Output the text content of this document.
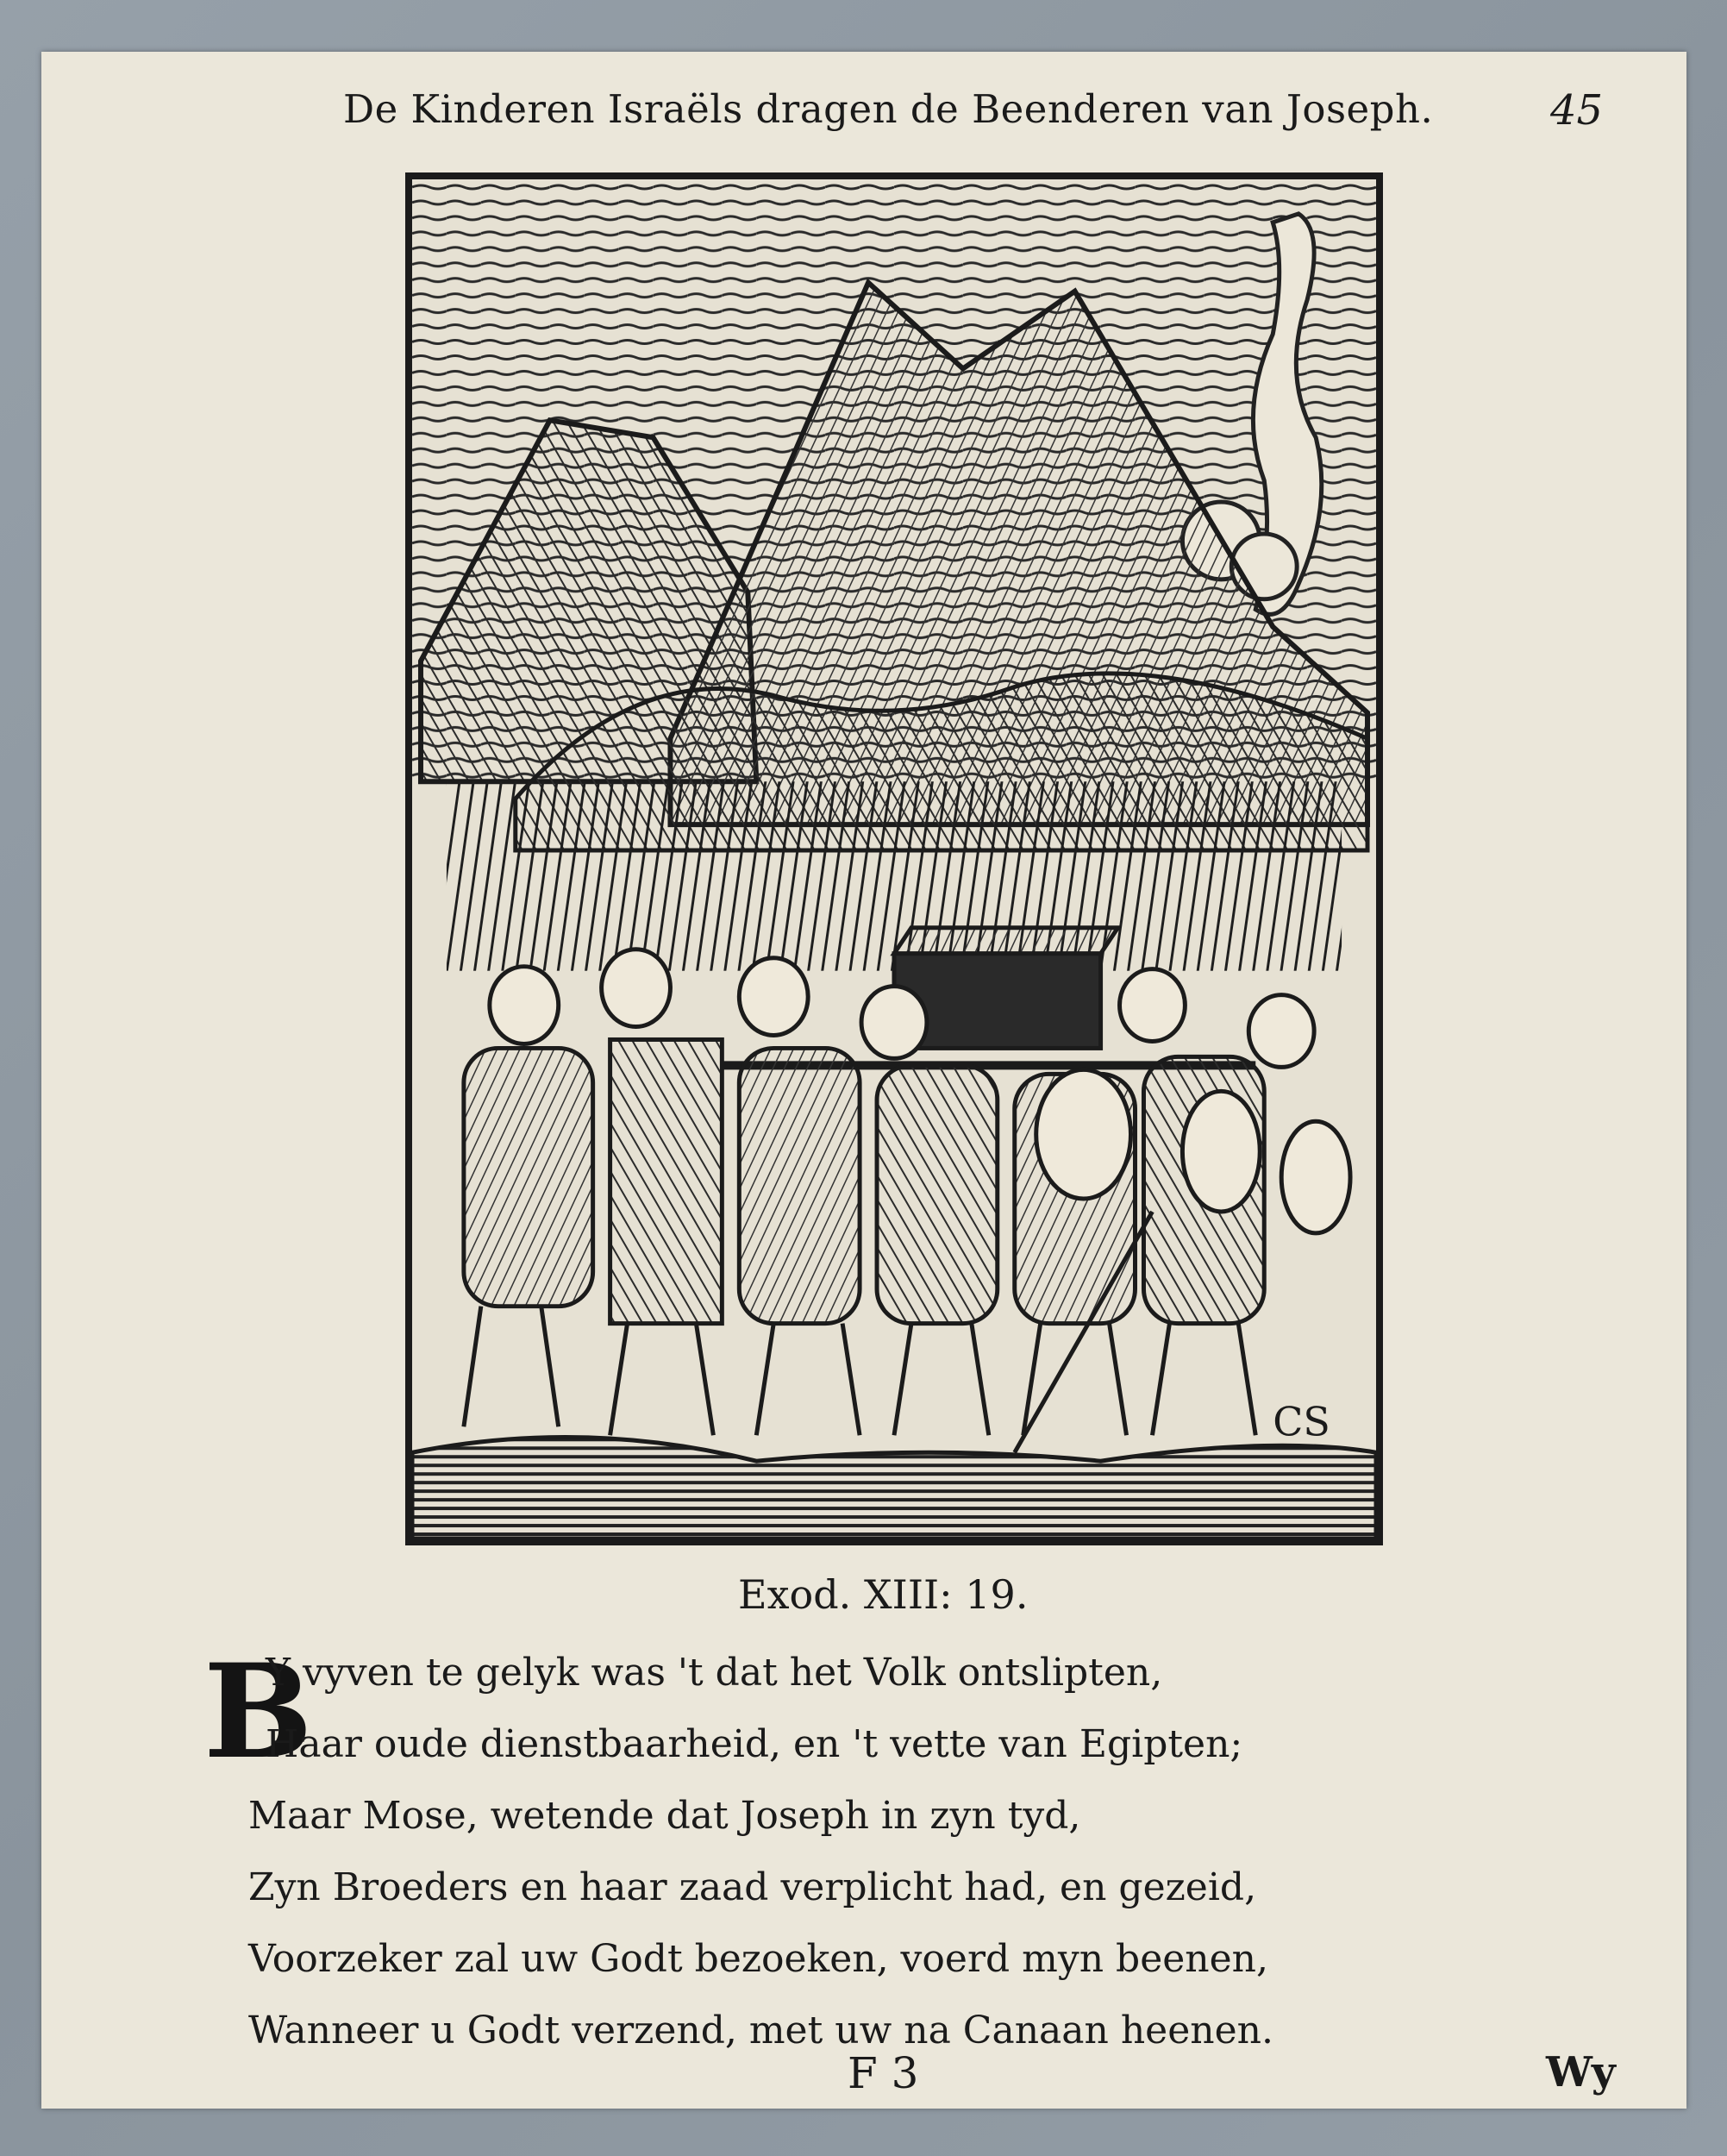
De Kinderen Israëls dragen de Beenderen van Joseph.	45
CS
Exod. XIII: 19.
B
Y vyven te gelyk was 't dat het Volk ontslipten,
Haar oude dienstbaarheid, en 't vette van Egipten;
Maar Mose, wetende dat Joseph in zyn tyd,
Zyn Broeders en haar zaad verplicht had, en gezeid,
Voorzeker zal uw Godt bezoeken, voerd myn beenen,
Wanneer u Godt verzend, met uw na Canaan heenen.
F 3	Wy
